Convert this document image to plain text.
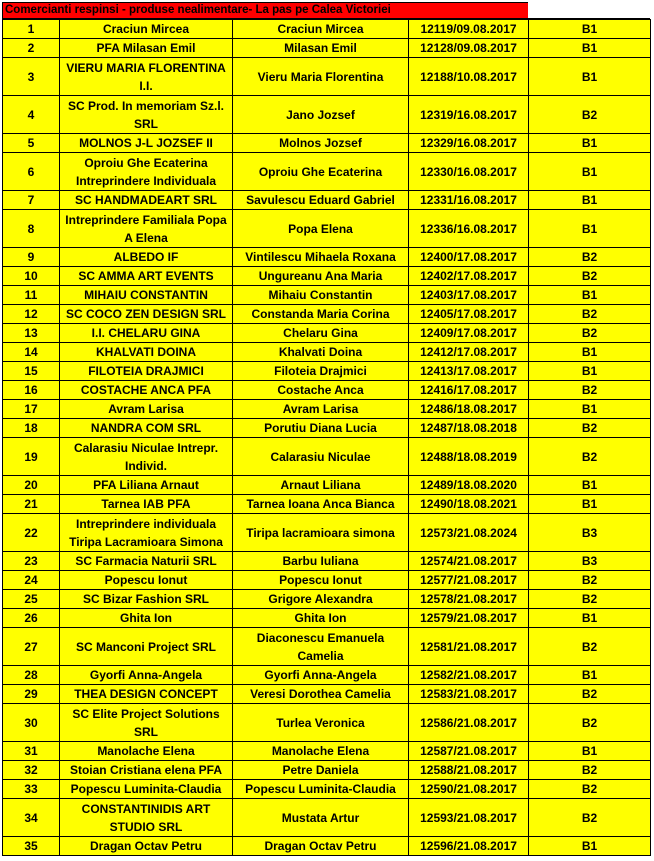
Comercianti respinsi - produse nealimentare- La pas pe Calea Victoriei
1	Craciun Mircea	Craciun Mircea	12119/09.08.2017	B1
2	PFA Milasan Emil	Milasan Emil	12128/09.08.2017	B1
3	VIERU MARIA FLORENTINA I.I.	Vieru Maria Florentina	12188/10.08.2017	B1
4	SC Prod. In memoriam Sz.l. SRL	Jano Jozsef	12319/16.08.2017	B2
5	MOLNOS J-L JOZSEF II	Molnos Jozsef	12329/16.08.2017	B1
6	Oproiu Ghe Ecaterina Intreprindere Individuala	Oproiu Ghe Ecaterina	12330/16.08.2017	B1
7	SC HANDMADEART SRL	Savulescu Eduard Gabriel	12331/16.08.2017	B1
8	Intreprindere Familiala Popa A Elena	Popa Elena	12336/16.08.2017	B1
9	ALBEDO IF	Vintilescu Mihaela Roxana	12400/17.08.2017	B2
10	SC AMMA ART EVENTS	Ungureanu Ana Maria	12402/17.08.2017	B2
11	MIHAIU CONSTANTIN	Mihaiu Constantin	12403/17.08.2017	B1
12	SC COCO ZEN DESIGN SRL	Constanda Maria Corina	12405/17.08.2017	B2
13	I.I. CHELARU GINA	Chelaru Gina	12409/17.08.2017	B2
14	KHALVATI DOINA	Khalvati Doina	12412/17.08.2017	B1
15	FILOTEIA DRAJMICI	Filoteia Drajmici	12413/17.08.2017	B1
16	COSTACHE ANCA PFA	Costache Anca	12416/17.08.2017	B2
17	Avram Larisa	Avram Larisa	12486/18.08.2017	B1
18	NANDRA COM SRL	Porutiu Diana Lucia	12487/18.08.2018	B2
19	Calarasiu Niculae Intrepr. Individ.	Calarasiu Niculae	12488/18.08.2019	B2
20	PFA Liliana Arnaut	Arnaut Liliana	12489/18.08.2020	B1
21	Tarnea IAB PFA	Tarnea Ioana Anca Bianca	12490/18.08.2021	B1
22	Intreprindere individuala Tiripa Lacramioara Simona	Tiripa lacramioara simona	12573/21.08.2024	B3
23	SC Farmacia Naturii SRL	Barbu Iuliana	12574/21.08.2017	B3
24	Popescu Ionut	Popescu Ionut	12577/21.08.2017	B2
25	SC Bizar Fashion SRL	Grigore Alexandra	12578/21.08.2017	B2
26	Ghita Ion	Ghita Ion	12579/21.08.2017	B1
27	SC Manconi Project SRL	Diaconescu Emanuela Camelia	12581/21.08.2017	B2
28	Gyorfi Anna-Angela	Gyorfi Anna-Angela	12582/21.08.2017	B1
29	THEA DESIGN CONCEPT	Veresi Dorothea Camelia	12583/21.08.2017	B2
30	SC Elite Project Solutions SRL	Turlea Veronica	12586/21.08.2017	B2
31	Manolache Elena	Manolache Elena	12587/21.08.2017	B1
32	Stoian Cristiana elena PFA	Petre Daniela	12588/21.08.2017	B2
33	Popescu Luminita-Claudia	Popescu Luminita-Claudia	12590/21.08.2017	B2
34	CONSTANTINIDIS ART STUDIO SRL	Mustata Artur	12593/21.08.2017	B2
35	Dragan Octav Petru	Dragan Octav Petru	12596/21.08.2017	B1
